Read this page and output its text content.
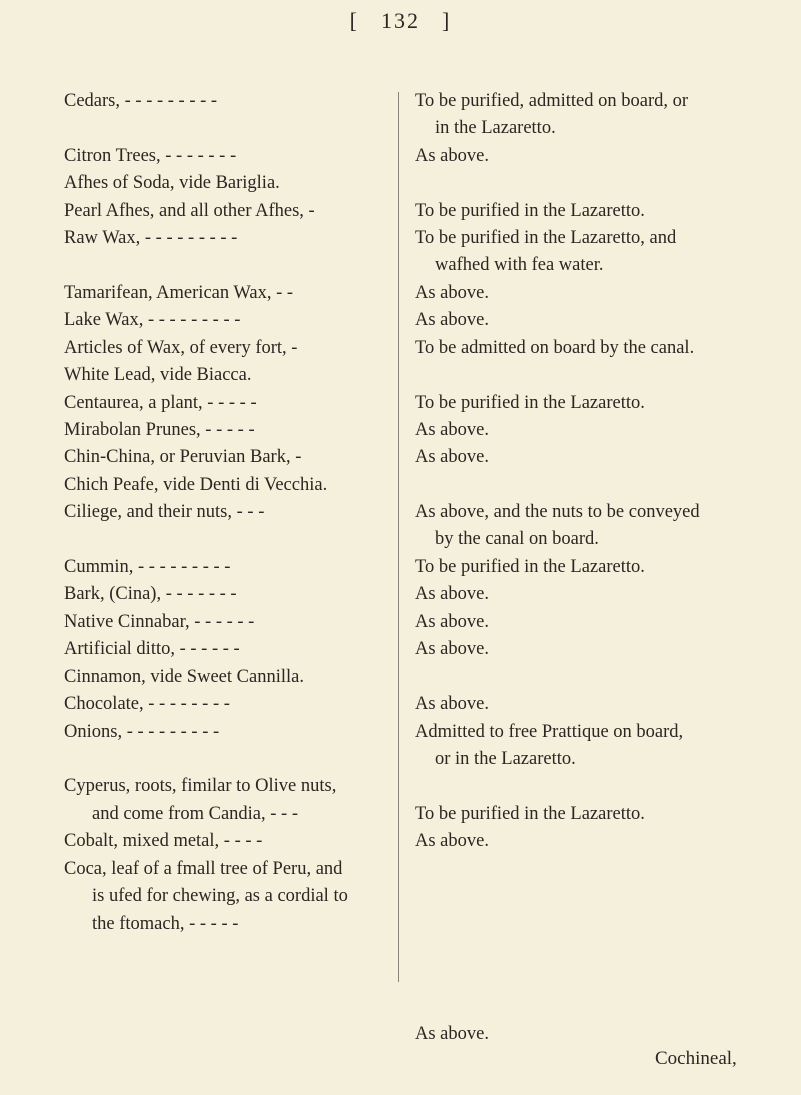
[ 132 ]
Cedars, - - - - - - - - -
Citron Trees, - - - - - - -
Afhes of Soda, vide Bariglia.
Pearl Afhes, and all other Afhes, -
Raw Wax, - - - - - - - - -
Tamarifean, American Wax, - -
Lake Wax, - - - - - - - - -
Articles of Wax, of every fort, -
White Lead, vide Biacca.
Centaurea, a plant, - - - - -
Mirabolan Prunes, - - - - -
Chin-China, or Peruvian Bark, -
Chich Peafe, vide Denti di Vecchia.
Ciliege, and their nuts, - - -
Cummin, - - - - - - - - -
Bark, (Cina), - - - - - - -
Native Cinnabar, - - - - - -
Artificial ditto, - - - - - -
Cinnamon, vide Sweet Cannilla.
Chocolate, - - - - - - - -
Onions, - - - - - - - - -
Cyperus, roots, fimilar to Olive nuts,
and come from Candia, - - -
Cobalt, mixed metal, - - - -
Coca, leaf of a fmall tree of Peru, and
is ufed for chewing, as a cordial to
the ftomach, - - - - -
To be purified, admitted on board, or
in the Lazaretto.
As above.
To be purified in the Lazaretto.
To be purified in the Lazaretto, and
wafhed with fea water.
As above.
As above.
To be admitted on board by the canal.
To be purified in the Lazaretto.
As above.
As above.
As above, and the nuts to be conveyed
by the canal on board.
To be purified in the Lazaretto.
As above.
As above.
As above.
As above.
Admitted to free Prattique on board,
or in the Lazaretto.
To be purified in the Lazaretto.
As above.
As above.
Cochineal,
